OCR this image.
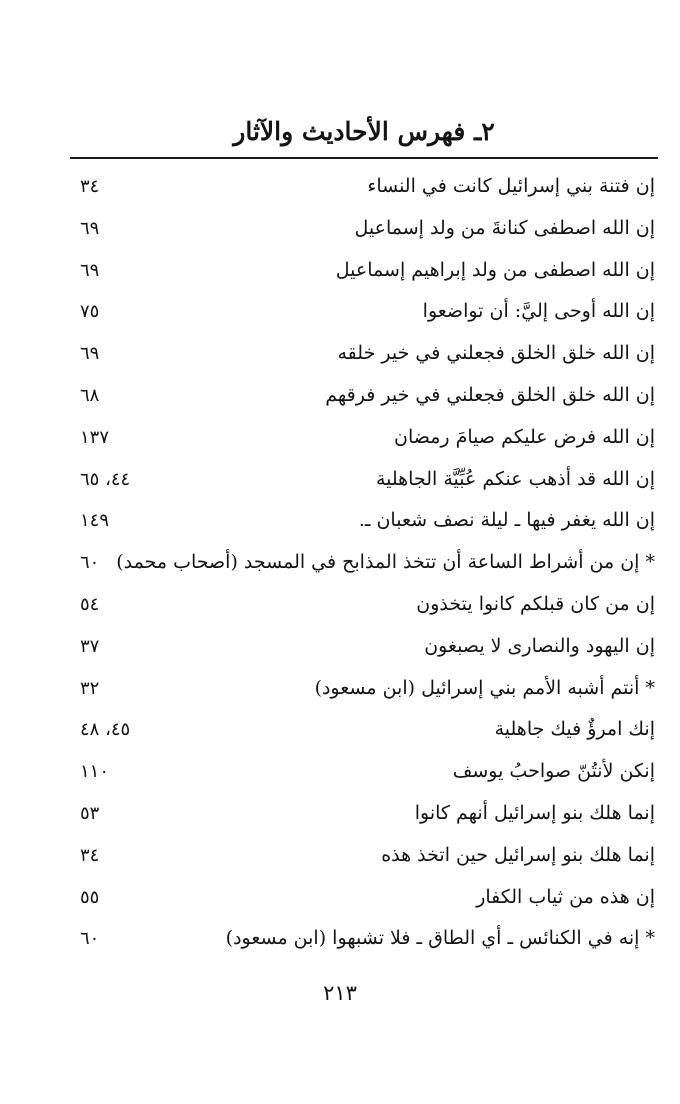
٢ـ فهرس الأحاديث والآثار
إن فتنة بني إسرائيل كانت في النساء
٣٤
إن الله اصطفى كنانةَ من ولد إسماعيل
٦٩
إن الله اصطفى من ولد إبراهيم إسماعيل
٦٩
إن الله أوحى إليَّ: أن تواضعوا
٧٥
إن الله خلق الخلق فجعلني في خير خلقه
٦٩
إن الله خلق الخلق فجعلني في خير فرقهم
٦٨
إن الله فرض عليكم صيامَ رمضان
١٣٧
إن الله قد أذهب عنكم عُبِّيَّة الجاهلية
٤٤، ٦٥
إن الله يغفر فيها ـ ليلة نصف شعبان ـ.
١٤٩
* إن من أشراط الساعة أن تتخذ المذابح في المسجد (أصحاب محمد)
٦٠
إن من كان قبلكم كانوا يتخذون
٥٤
إن اليهود والنصارى لا يصبغون
٣٧
* أنتم أشبه الأمم بني إسرائيل (ابن مسعود)
٣٢
إنك امرؤٌ فيك جاهلية
٤٥، ٤٨
إنكن لأنتُنّ صواحبُ يوسف
١١٠
إنما هلك بنو إسرائيل أنهم كانوا
٥٣
إنما هلك بنو إسرائيل حين اتخذ هذه
٣٤
إن هذه من ثياب الكفار
٥٥
* إنه في الكنائس ـ أي الطاق ـ فلا تشبهوا (ابن مسعود)
٦٠
٢١٣
